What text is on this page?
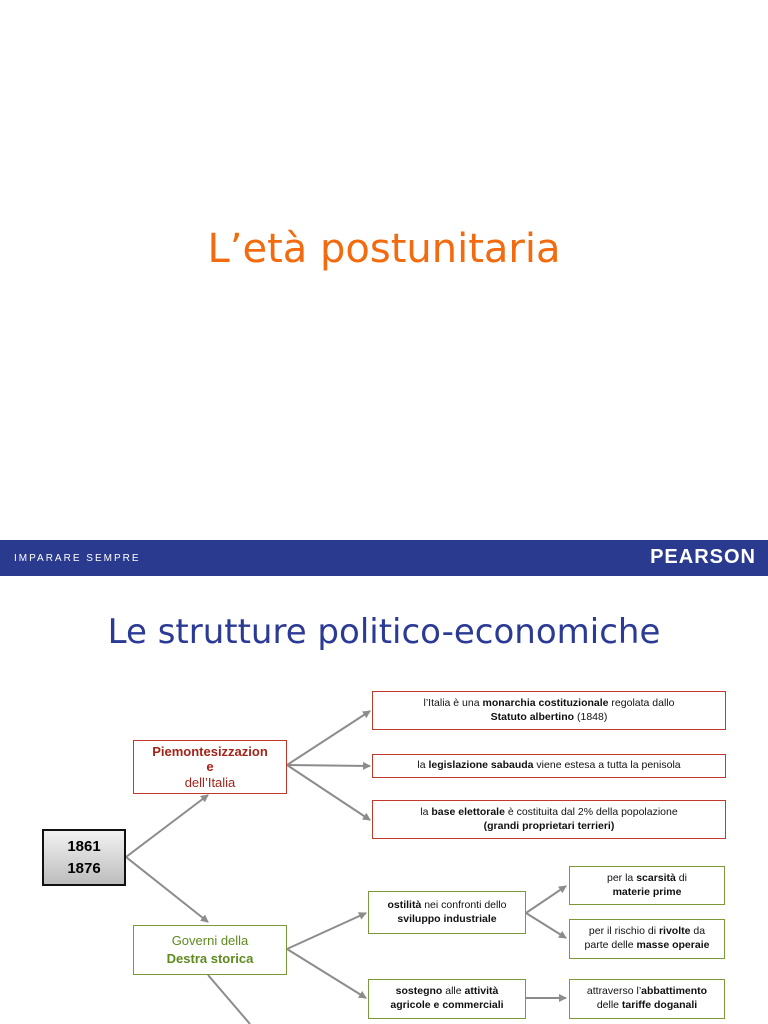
L’età postunitaria
IMPARARE SEMPRE	PEARSON
Le strutture politico-economiche
1861
1876
Piemontesizzazion
e
dell’Italia
l’Italia è una monarchia costituzionale regolata dallo
Statuto albertino (1848)
la legislazione sabauda viene estesa a tutta la penisola
la base elettorale è costituita dal 2% della popolazione
(grandi proprietari terrieri)
Governi della
Destra storica
ostilità nei confronti dello
sviluppo industriale
sostegno alle attività
agricole e commerciali
per la scarsità di
materie prime
per il rischio di rivolte da
parte delle masse operaie
attraverso l’abbattimento
delle tariffe doganali
